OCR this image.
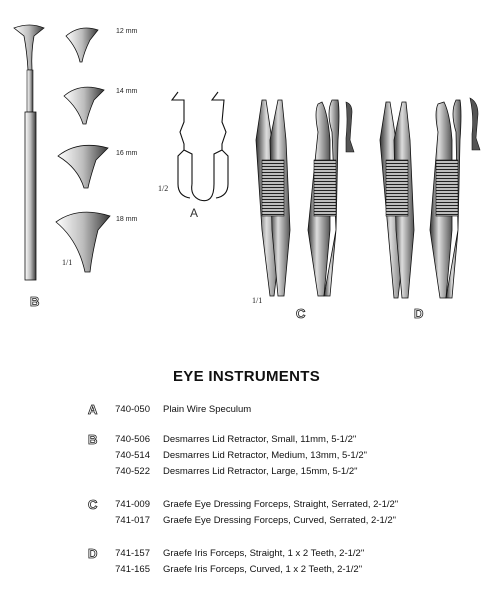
12 mm
14 mm
16 mm
18 mm
1/1
1/2
1/1
A
B
C	D
EYE INSTRUMENTS
A	740-050 Plain Wire Speculum
B	740-506 Desmarres Lid Retractor, Small, 11mm, 5-1/2"
740-514 Desmarres Lid Retractor, Medium, 13mm, 5-1/2"
740-522 Desmarres Lid Retractor, Large, 15mm, 5-1/2"
C	741-009 Graefe Eye Dressing Forceps, Straight, Serrated, 2-1/2"
741-017 Graefe Eye Dressing Forceps, Curved, Serrated, 2-1/2"
D	741-157 Graefe Iris Forceps, Straight, 1 x 2 Teeth, 2-1/2"
741-165 Graefe Iris Forceps, Curved, 1 x 2 Teeth, 2-1/2"
